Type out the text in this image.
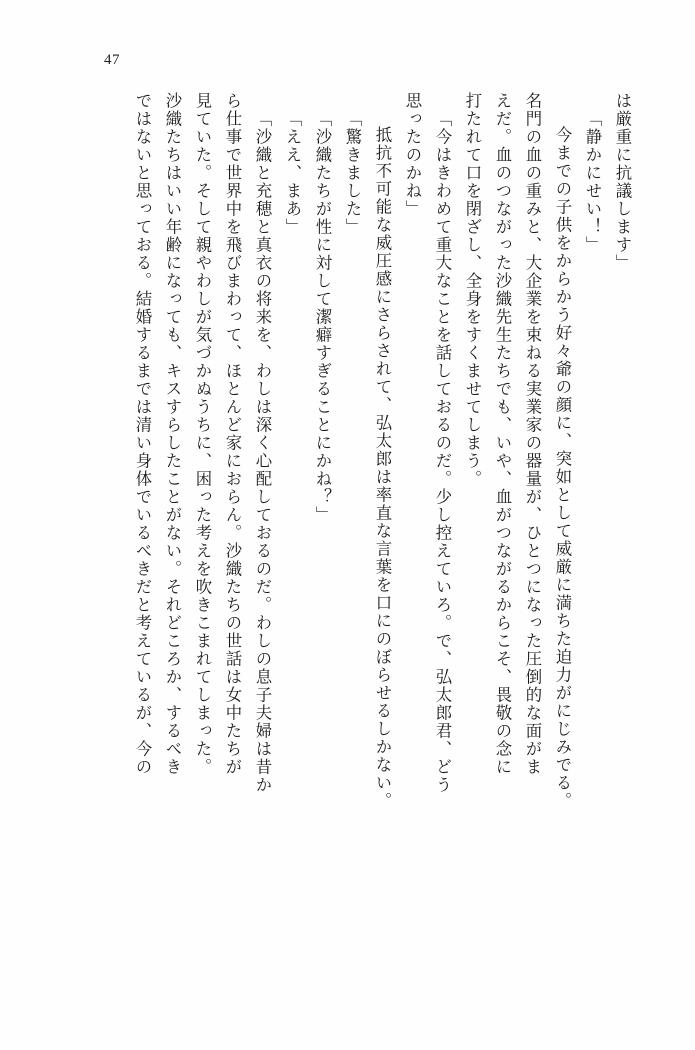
47
は厳重に抗議します」
「静かにせい！」
今までの子供をからかう好々爺の顔に、突如として威厳に満ちた迫力がにじみでる。
名門の血の重みと、大企業を束ねる実業家の器量が、ひとつになった圧倒的な面がま
えだ。血のつながった沙織先生たちでも、いや、血がつながるからこそ、畏敬の念に
打たれて口を閉ざし、全身をすくませてしまう。
「今はきわめて重大なことを話しておるのだ。少し控えていろ。で、弘太郎君、どう
思ったのかね」
抵抗不可能な威圧感にさらされて、弘太郎は率直な言葉を口にのぼらせるしかない。
「驚きました」
「沙織たちが性に対して潔癖すぎることにかね？」
「ええ、まあ」
「沙織と充穂と真衣の将来を、わしは深く心配しておるのだ。わしの息子夫婦は昔か
ら仕事で世界中を飛びまわって、ほとんど家におらん。沙織たちの世話は女中たちが
見ていた。そして親やわしが気づかぬうちに、困った考えを吹きこまれてしまった。
沙織たちはいい年齢になっても、キスすらしたことがない。それどころか、するべき
ではないと思っておる。結婚するまでは清い身体でいるべきだと考えているが、今の
